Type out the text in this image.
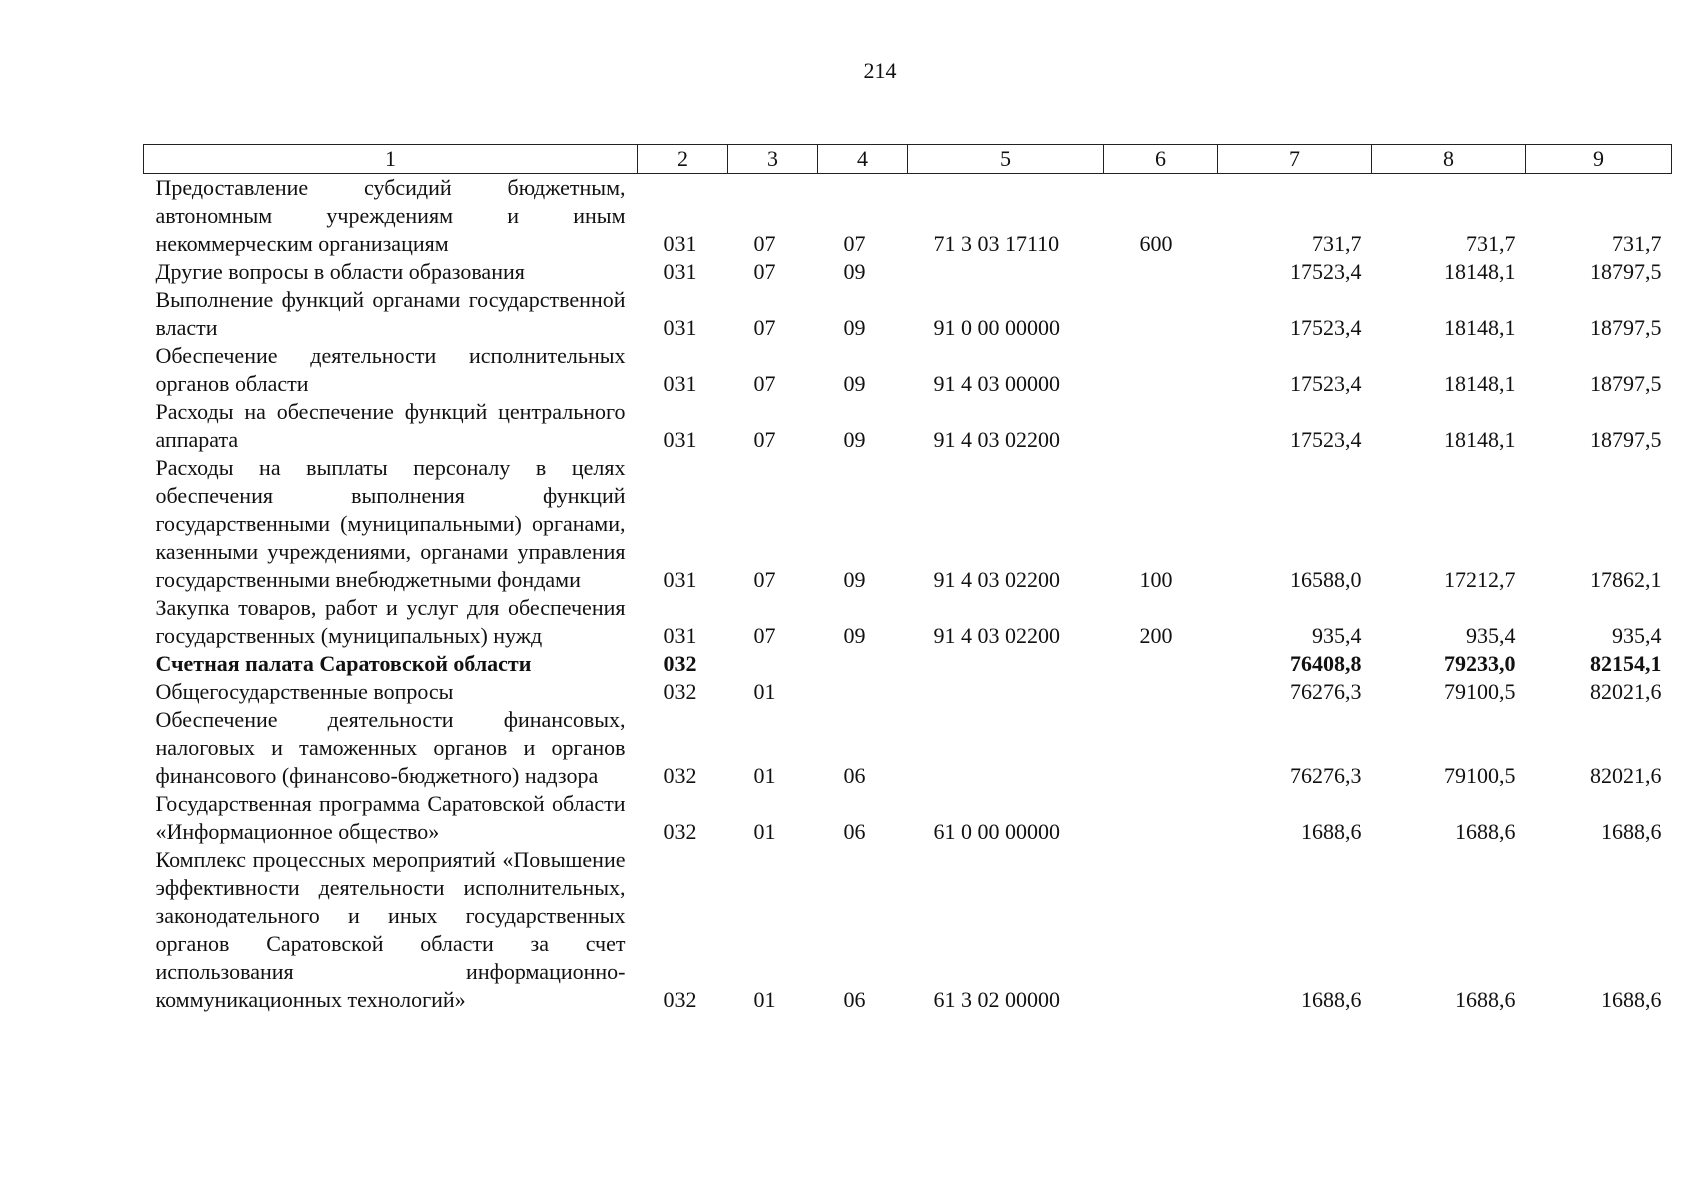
214
1	2	3	4	5	6	7	8	9
Предоставление субсидий бюджетным, автономным учреждениям и иным некоммерческим организациям	031	07	07	71 3 03 17110	600	731,7	731,7	731,7
Другие вопросы в области образования	031	07	09			17523,4	18148,1	18797,5
Выполнение функций органами государственной власти	031	07	09	91 0 00 00000		17523,4	18148,1	18797,5
Обеспечение деятельности исполнительных органов области	031	07	09	91 4 03 00000		17523,4	18148,1	18797,5
Расходы на обеспечение функций центрального аппарата	031	07	09	91 4 03 02200		17523,4	18148,1	18797,5
Расходы на выплаты персоналу в целях обеспечения выполнения функций государственными (муниципальными) органами, казенными учреждениями, органами управления государственными внебюджетными фондами	031	07	09	91 4 03 02200	100	16588,0	17212,7	17862,1
Закупка товаров, работ и услуг для обеспечения государственных (муниципальных) нужд	031	07	09	91 4 03 02200	200	935,4	935,4	935,4
Счетная палата Саратовской области	032					76408,8	79233,0	82154,1
Общегосударственные вопросы	032	01				76276,3	79100,5	82021,6
Обеспечение деятельности финансовых, налоговых и таможенных органов и органов финансового (финансово-бюджетного) надзора	032	01	06			76276,3	79100,5	82021,6
Государственная программа Саратовской области «Информационное общество»	032	01	06	61 0 00 00000		1688,6	1688,6	1688,6
Комплекс процессных мероприятий «Повышение эффективности деятельности исполнительных, законодательного и иных государственных органов Саратовской области за счет использования информационно-коммуникационных технологий»	032	01	06	61 3 02 00000		1688,6	1688,6	1688,6
